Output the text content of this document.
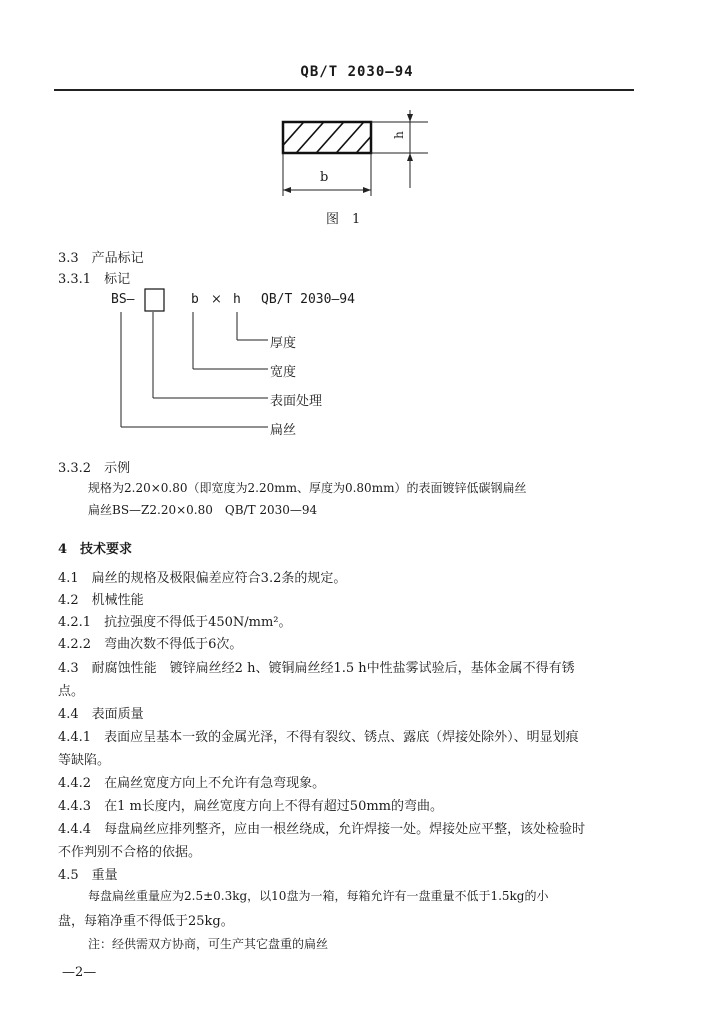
QB/T 2030—94
h
b
图　1
3.3　产品标记
3.3.1　标记
BS—	b × h QB/T 2030—94
厚度
宽度
表面处理
扁丝
3.3.2　示例
规格为2.20×0.80（即宽度为2.20mm、厚度为0.80mm）的表面镀锌低碳钢扁丝
扁丝BS—Z2.20×0.80　QB/T 2030—94
4　技术要求
4.1　扁丝的规格及极限偏差应符合3.2条的规定。
4.2　机械性能
4.2.1　抗拉强度不得低于450N/mm²。
4.2.2　弯曲次数不得低于6次。
4.3　耐腐蚀性能　镀锌扁丝经2 h、镀铜扁丝经1.5 h中性盐雾试验后，基体金属不得有锈
点。
4.4　表面质量
4.4.1　表面应呈基本一致的金属光泽，不得有裂纹、锈点、露底（焊接处除外）、明显划痕
等缺陷。
4.4.2　在扁丝宽度方向上不允许有急弯现象。
4.4.3　在1 m长度内，扁丝宽度方向上不得有超过50mm的弯曲。
4.4.4　每盘扁丝应排列整齐，应由一根丝绕成，允许焊接一处。焊接处应平整，该处检验时
不作判别不合格的依据。
4.5　重量
每盘扁丝重量应为2.5±0.3kg，以10盘为一箱，每箱允许有一盘重量不低于1.5kg的小
盘，每箱净重不得低于25kg。
注：经供需双方协商，可生产其它盘重的扁丝
—2—
